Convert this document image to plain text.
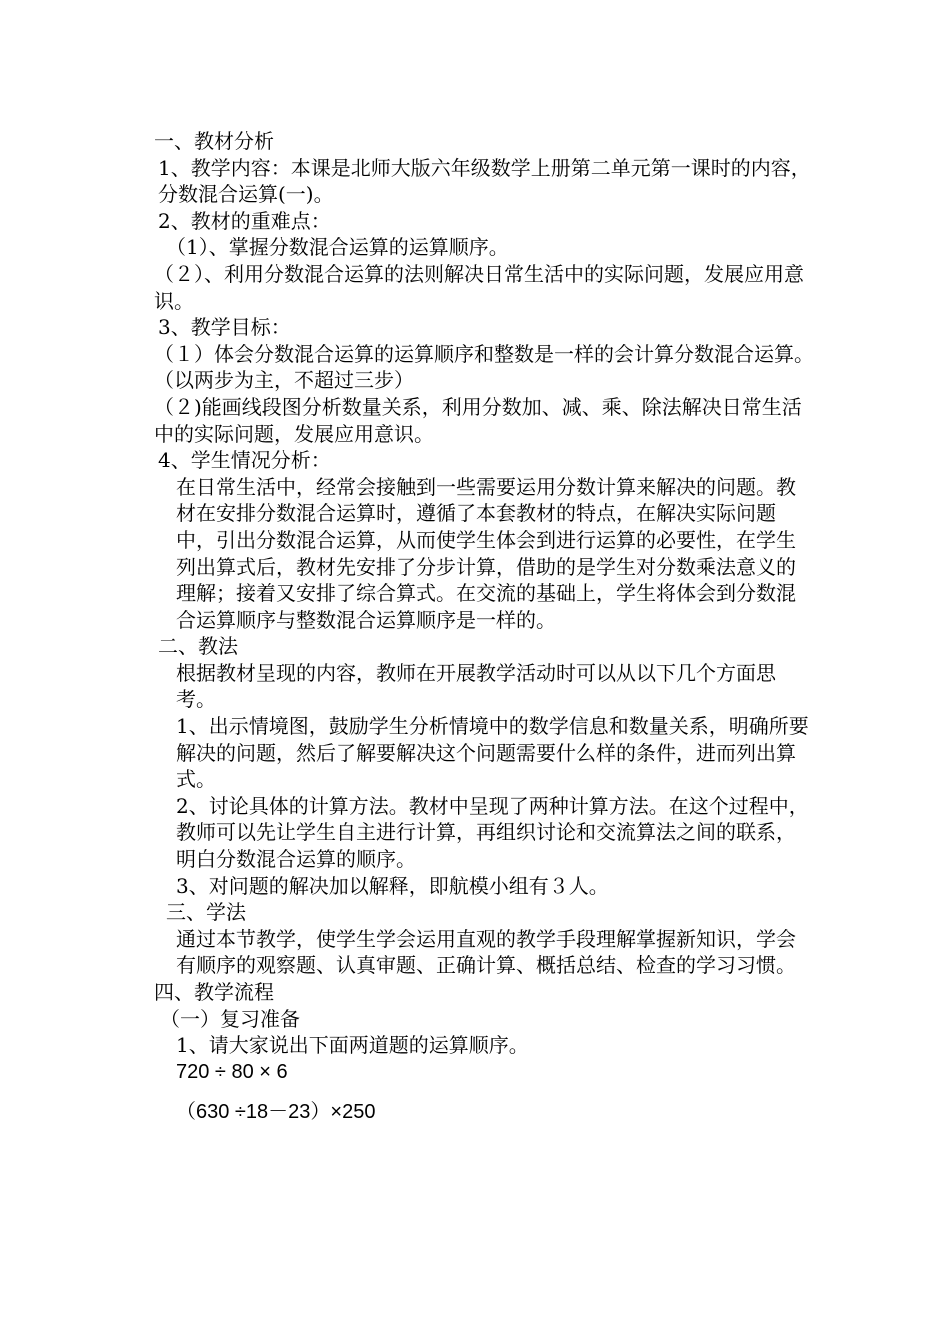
一、教材分析

1、教学内容：本课是北师大版六年级数学上册第二单元第一课时的内容，分数混合运算(一)。

2、教材的重难点：

（1）、掌握分数混合运算的运算顺序。

（２）、利用分数混合运算的法则解决日常生活中的实际问题，发展应用意识。

3、教学目标：

（１）体会分数混合运算的运算顺序和整数是一样的会计算分数混合运算。（以两步为主，不超过三步）

（２)能画线段图分析数量关系，利用分数加、减、乘、除法解决日常生活中的实际问题，发展应用意识。

4、学生情况分析：

在日常生活中，经常会接触到一些需要运用分数计算来解决的问题。教材在安排分数混合运算时，遵循了本套教材的特点，在解决实际问题中，引出分数混合运算，从而使学生体会到进行运算的必要性，在学生列出算式后，教材先安排了分步计算，借助的是学生对分数乘法意义的理解；接着又安排了综合算式。在交流的基础上，学生将体会到分数混合运算顺序与整数混合运算顺序是一样的。

二、教法

根据教材呈现的内容，教师在开展教学活动时可以从以下几个方面思考。

1、出示情境图，鼓励学生分析情境中的数学信息和数量关系，明确所要解决的问题，然后了解要解决这个问题需要什么样的条件，进而列出算式。

2、讨论具体的计算方法。教材中呈现了两种计算方法。在这个过程中，教师可以先让学生自主进行计算，再组织讨论和交流算法之间的联系，明白分数混合运算的顺序。

3、对问题的解决加以解释，即航模小组有３人。

三、学法

通过本节教学，使学生学会运用直观的教学手段理解掌握新知识，学会有顺序的观察题、认真审题、正确计算、概括总结、检查的学习习惯。

四、教学流程

（一）复习准备

1、请大家说出下面两道题的运算顺序。

720 ÷ 80 × 6

（630 ÷18－23）×250
